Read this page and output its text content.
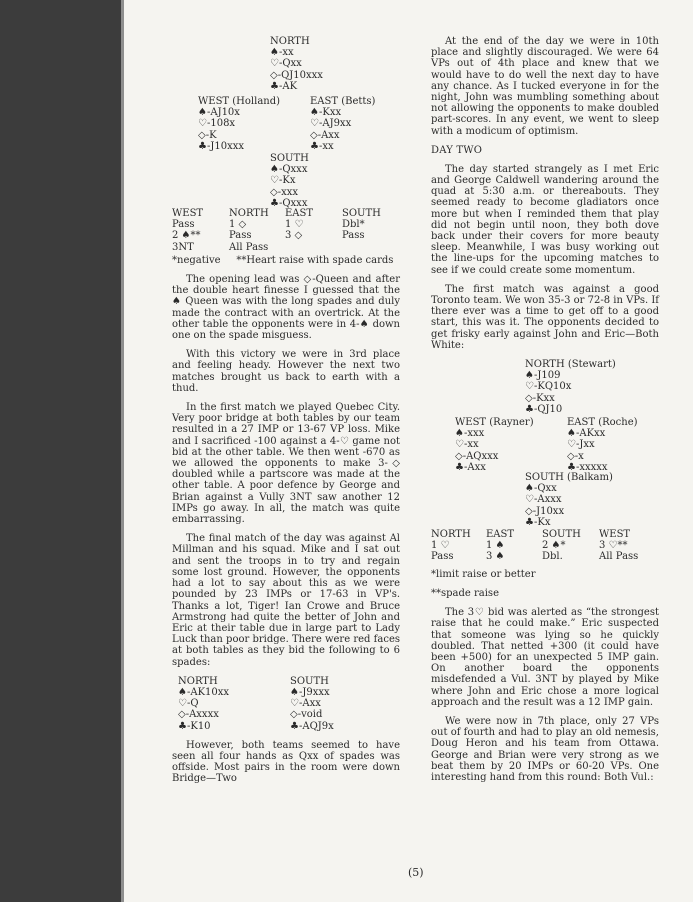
NORTH
♠-xx
♡-Qxx
◇-QJ10xxx
♣-AK
WEST (Holland)
♠-AJ10x
♡-108x
◇-K
♣-J10xxx
EAST (Betts)
♠-Kxx
♡-AJ9xx
◇-Axx
♣-xx
SOUTH
♠-Qxxx
♡-Kx
◇-xxx
♣-Qxxx
WEST	NORTH	EAST	SOUTH
Pass	1 ◇	1 ♡	Dbl*
2 ♠**	Pass	3 ◇	Pass
3NT	All Pass
*negative     **Heart raise with spade cards

The opening lead was ◇-Queen and after the double heart finesse I guessed that the ♠ Queen was with the long spades and duly made the contract with an overtrick. At the other table the opponents were in 4-♠ down one on the spade misguess.

With this victory we were in 3rd place and feeling heady. However the next two matches brought us back to earth with a thud.

In the first match we played Quebec City. Very poor bridge at both tables by our team resulted in a 27 IMP or 13-67 VP loss. Mike and I sacrificed -100 against a 4-♡ game not bid at the other table. We then went -670 as we allowed the opponents to make 3-◇ doubled while a partscore was made at the other table. A poor defence by George and Brian against a Vully 3NT saw another 12 IMPs go away. In all, the match was quite embarrassing.

The final match of the day was against Al Millman and his squad. Mike and I sat out and sent the troops in to try and regain some lost ground. However, the opponents had a lot to say about this as we were pounded by 23 IMPs or 17-63 in VP's. Thanks a lot, Tiger! Ian Crowe and Bruce Armstrong had quite the better of John and Eric at their table due in large part to Lady Luck than poor bridge. There were red faces at both tables as they bid the following to 6 spades:

NORTH
♠-AK10xx
♡-Q
◇-Axxxx
♣-K10
SOUTH
♠-J9xxx
♡-Axx
◇-void
♣-AQJ9x

However, both teams seemed to have seen all four hands as Qxx of spades was offside. Most pairs in the room were down Bridge—Two

At the end of the day we were in 10th place and slightly discouraged. We were 64 VPs out of 4th place and knew that we would have to do well the next day to have any chance. As I tucked everyone in for the night, John was mumbling something about not allowing the opponents to make doubled part-scores. In any event, we went to sleep with a modicum of optimism.

DAY TWO

The day started strangely as I met Eric and George Caldwell wandering around the quad at 5:30 a.m. or thereabouts. They seemed ready to become gladiators once more but when I reminded them that play did not begin until noon, they both dove back under their covers for more beauty sleep. Meanwhile, I was busy working out the line-ups for the upcoming matches to see if we could create some momentum.

The first match was against a good Toronto team. We won 35-3 or 72-8 in VPs. If there ever was a time to get off to a good start, this was it. The opponents decided to get frisky early against John and Eric—Both White:

NORTH (Stewart)
♠-J109
♡-KQ10x
◇-Kxx
♣-QJ10
WEST (Rayner)
♠-xxx
♡-xx
◇-AQxxx
♣-Axx
EAST (Roche)
♠-AKxx
♡-Jxx
◇-x
♣-xxxxx
SOUTH (Balkam)
♠-Qxx
♡-Axxx
◇-J10xx
♣-Kx
NORTH	EAST	SOUTH	WEST
1 ♡	1 ♠	2 ♠*	3 ♡**
Pass	3 ♠	Dbl.	All Pass
*limit raise or better
**spade raise

The 3♡ bid was alerted as “the strongest raise that he could make.” Eric suspected that someone was lying so he quickly doubled. That netted +300 (it could have been +500) for an unexpected 5 IMP gain. On another board the opponents misdefended a Vul. 3NT by played by Mike where John and Eric chose a more logical approach and the result was a 12 IMP gain.

We were now in 7th place, only 27 VPs out of fourth and had to play an old nemesis, Doug Heron and his team from Ottawa. George and Brian were very strong as we beat them by 20 IMPs or 60-20 VPs. One interesting hand from this round: Both Vul.:

(5)
